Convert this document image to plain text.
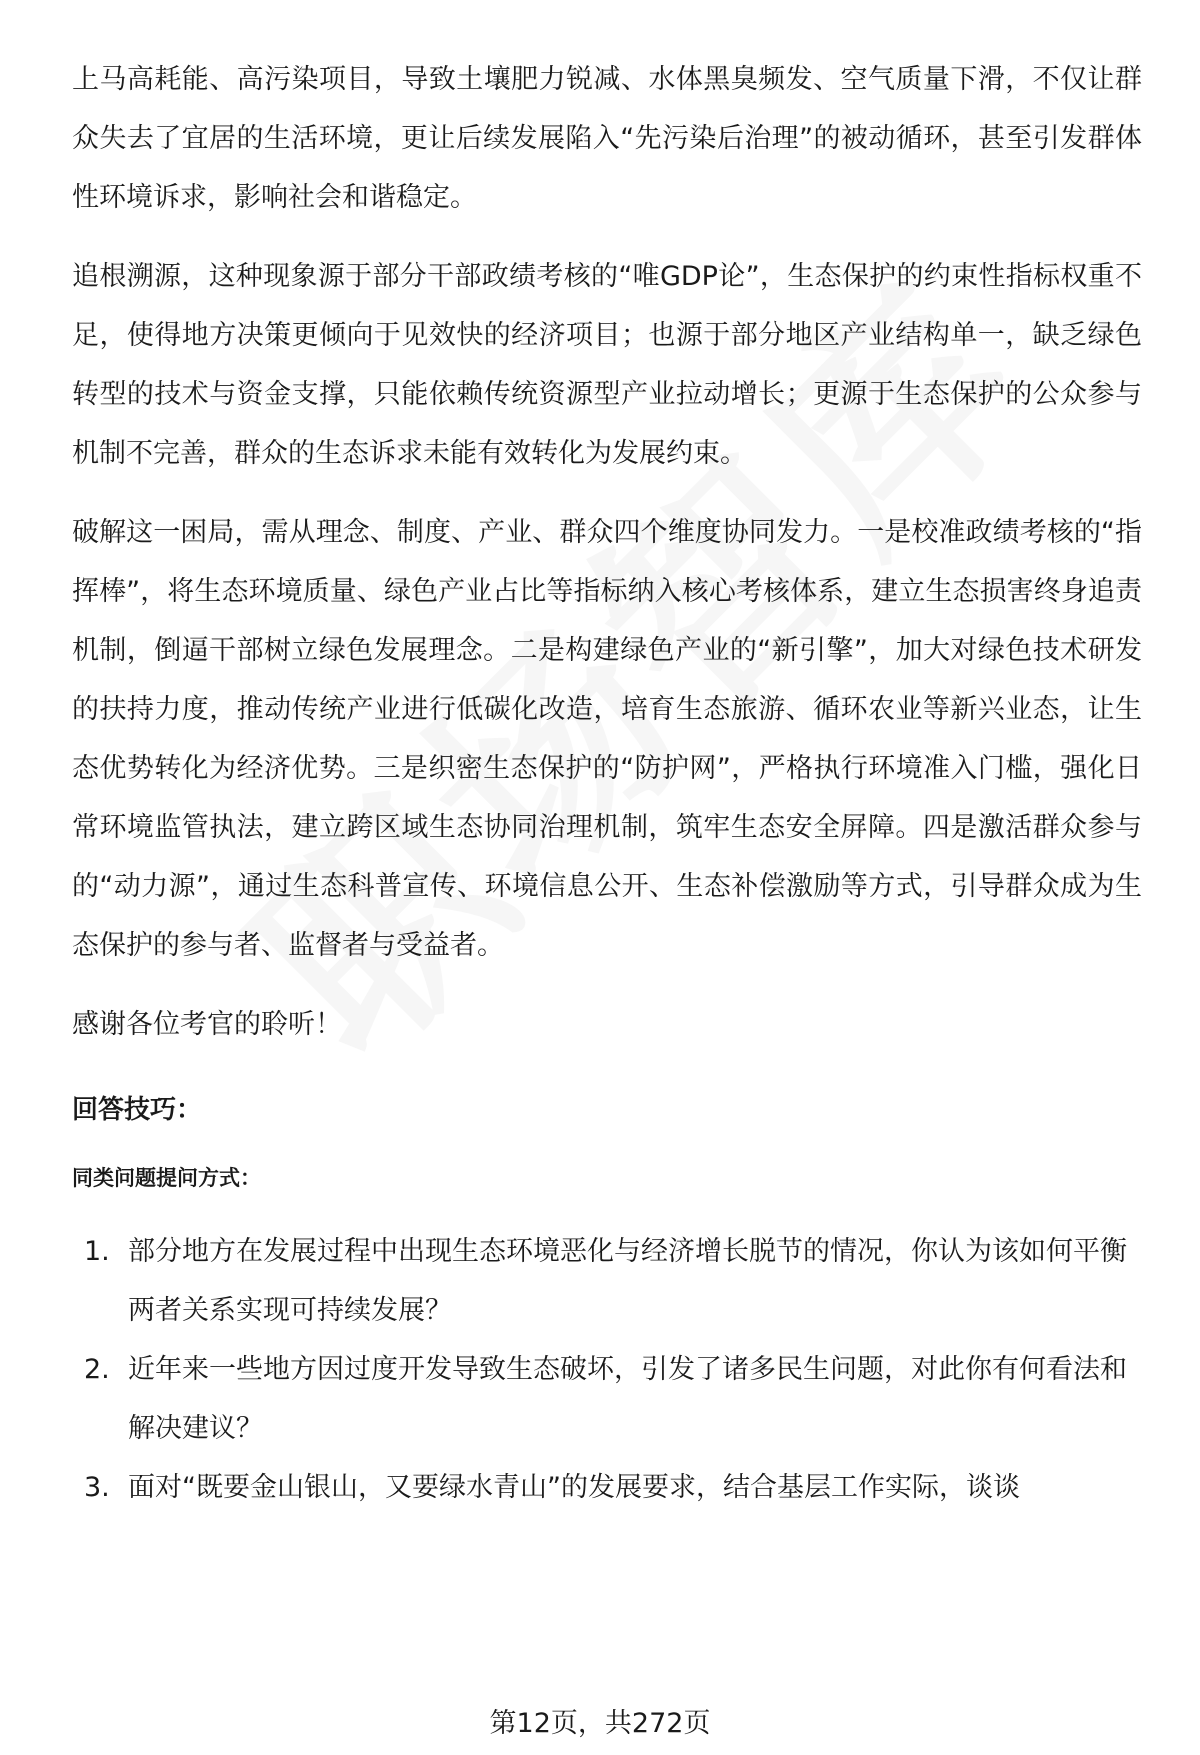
上马高耗能、高污染项目，导致土壤肥力锐减、水体黑臭频发、空气质量下滑，不仅让群众失去了宜居的生活环境，更让后续发展陷入“先污染后治理”的被动循环，甚至引发群体性环境诉求，影响社会和谐稳定。

追根溯源，这种现象源于部分干部政绩考核的“唯GDP论”，生态保护的约束性指标权重不足，使得地方决策更倾向于见效快的经济项目；也源于部分地区产业结构单一，缺乏绿色转型的技术与资金支撑，只能依赖传统资源型产业拉动增长；更源于生态保护的公众参与机制不完善，群众的生态诉求未能有效转化为发展约束。

破解这一困局，需从理念、制度、产业、群众四个维度协同发力。一是校准政绩考核的“指挥棒”，将生态环境质量、绿色产业占比等指标纳入核心考核体系，建立生态损害终身追责机制，倒逼干部树立绿色发展理念。二是构建绿色产业的“新引擎”，加大对绿色技术研发的扶持力度，推动传统产业进行低碳化改造，培育生态旅游、循环农业等新兴业态，让生态优势转化为经济优势。三是织密生态保护的“防护网”，严格执行环境准入门槛，强化日常环境监管执法，建立跨区域生态协同治理机制，筑牢生态安全屏障。四是激活群众参与的“动力源”，通过生态科普宣传、环境信息公开、生态补偿激励等方式，引导群众成为生态保护的参与者、监督者与受益者。

感谢各位考官的聆听！

回答技巧：
同类问题提问方式：
1. 部分地方在发展过程中出现生态环境恶化与经济增长脱节的情况，你认为该如何平衡两者关系实现可持续发展？
2. 近年来一些地方因过度开发导致生态破坏，引发了诸多民生问题，对此你有何看法和解决建议？
3. 面对“既要金山银山，又要绿水青山”的发展要求，结合基层工作实际，谈谈
第12页，共272页
